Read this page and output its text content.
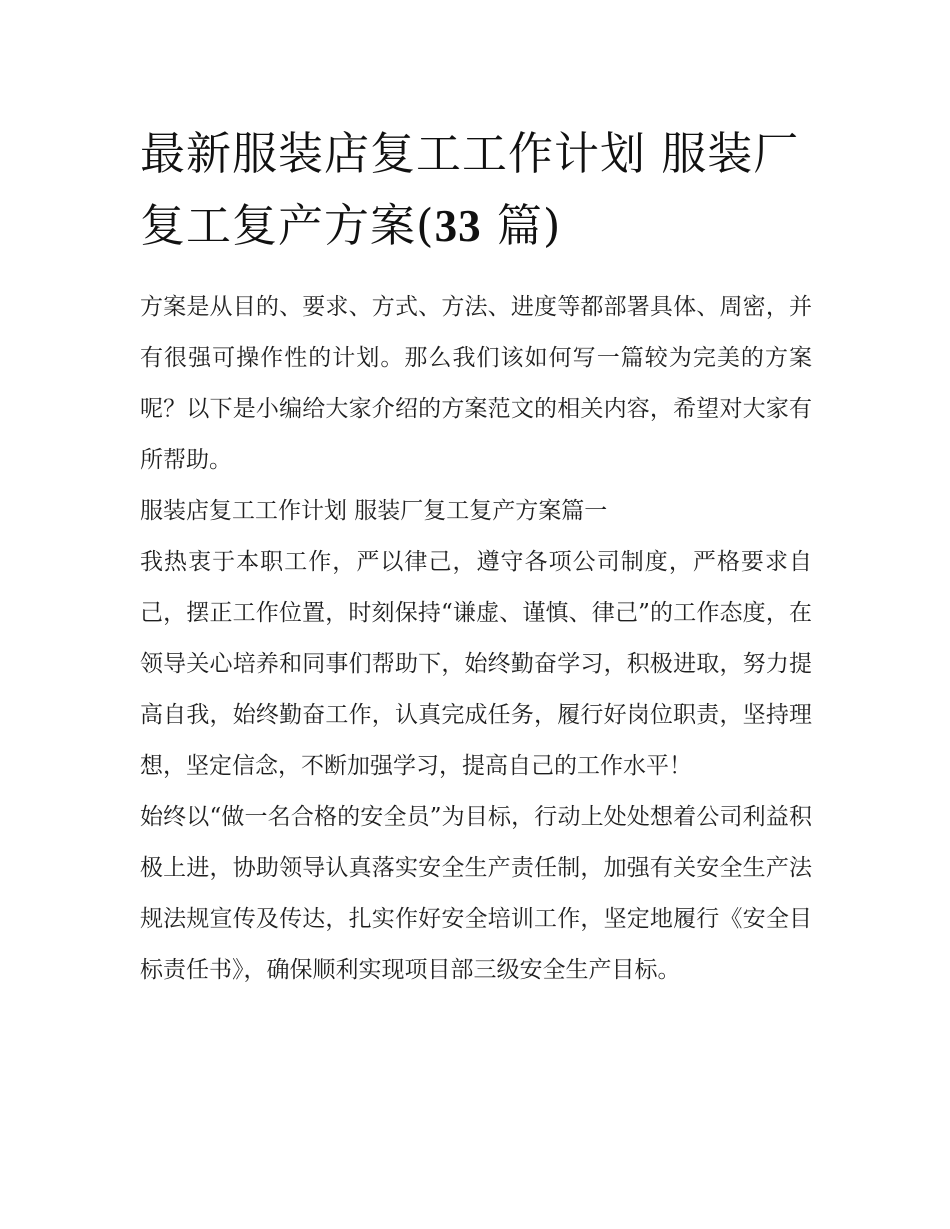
最新服装店复工工作计划 服装厂复工复产方案(33 篇)

方案是从目的、要求、方式、方法、进度等都部署具体、周密，并有很强可操作性的计划。那么我们该如何写一篇较为完美的方案呢？以下是小编给大家介绍的方案范文的相关内容，希望对大家有所帮助。

服装店复工工作计划 服装厂复工复产方案篇一

我热衷于本职工作，严以律己，遵守各项公司制度，严格要求自己，摆正工作位置，时刻保持“谦虚、谨慎、律己”的工作态度，在领导关心培养和同事们帮助下，始终勤奋学习，积极进取，努力提高自我，始终勤奋工作，认真完成任务，履行好岗位职责，坚持理想，坚定信念，不断加强学习，提高自己的工作水平！

始终以“做一名合格的安全员”为目标，行动上处处想着公司利益积极上进，协助领导认真落实安全生产责任制，加强有关安全生产法规法规宣传及传达，扎实作好安全培训工作，坚定地履行《安全目标责任书》，确保顺利实现项目部三级安全生产目标。
